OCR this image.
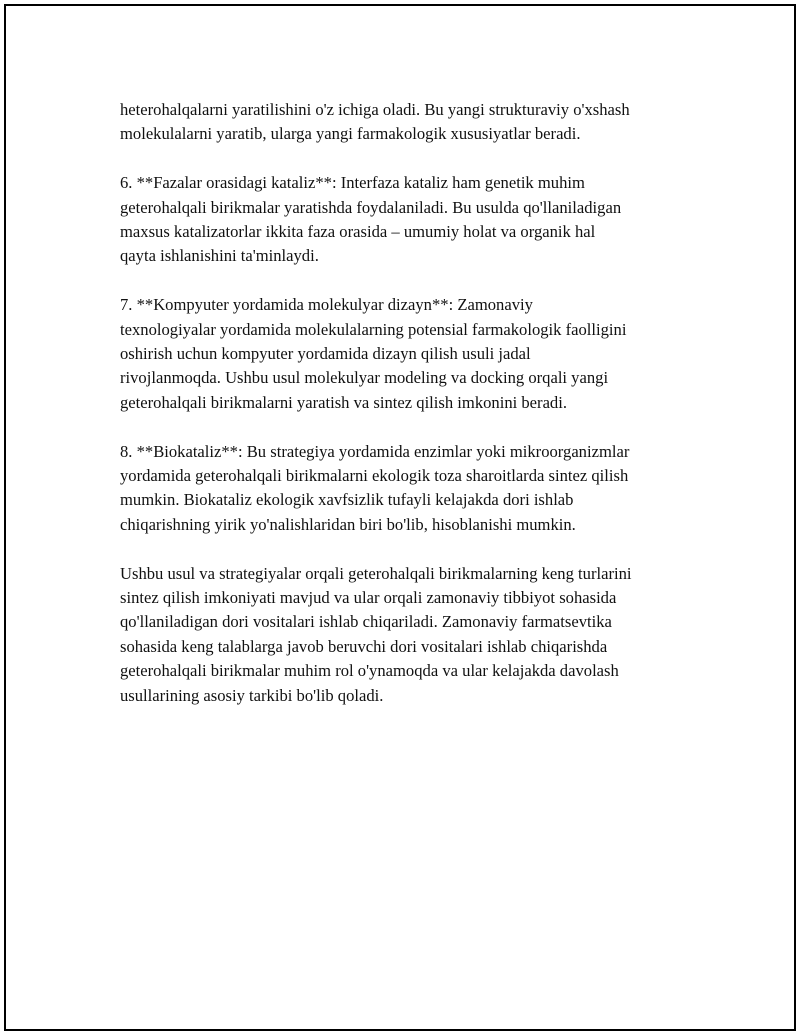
heterohalqalarni yaratilishini o'z ichiga oladi. Bu yangi strukturaviy o'xshash
molekulalarni yaratib, ularga yangi farmakologik xususiyatlar beradi.

6. **Fazalar orasidagi kataliz**: Interfaza kataliz ham genetik muhim
geterohalqali birikmalar yaratishda foydalaniladi. Bu usulda qo'llaniladigan
maxsus katalizatorlar ikkita faza orasida – umumiy holat va organik hal
qayta ishlanishini ta'minlaydi.

7. **Kompyuter yordamida molekulyar dizayn**: Zamonaviy
texnologiyalar yordamida molekulalarning potensial farmakologik faolligini
oshirish uchun kompyuter yordamida dizayn qilish usuli jadal
rivojlanmoqda. Ushbu usul molekulyar modeling va docking orqali yangi
geterohalqali birikmalarni yaratish va sintez qilish imkonini beradi.

8. **Biokataliz**: Bu strategiya yordamida enzimlar yoki mikroorganizmlar
yordamida geterohalqali birikmalarni ekologik toza sharoitlarda sintez qilish
mumkin. Biokataliz ekologik xavfsizlik tufayli kelajakda dori ishlab
chiqarishning yirik yo'nalishlaridan biri bo'lib, hisoblanishi mumkin.

Ushbu usul va strategiyalar orqali geterohalqali birikmalarning keng turlarini
sintez qilish imkoniyati mavjud va ular orqali zamonaviy tibbiyot sohasida
qo'llaniladigan dori vositalari ishlab chiqariladi. Zamonaviy farmatsevtika
sohasida keng talablarga javob beruvchi dori vositalari ishlab chiqarishda
geterohalqali birikmalar muhim rol o'ynamoqda va ular kelajakda davolash
usullarining asosiy tarkibi bo'lib qoladi.
